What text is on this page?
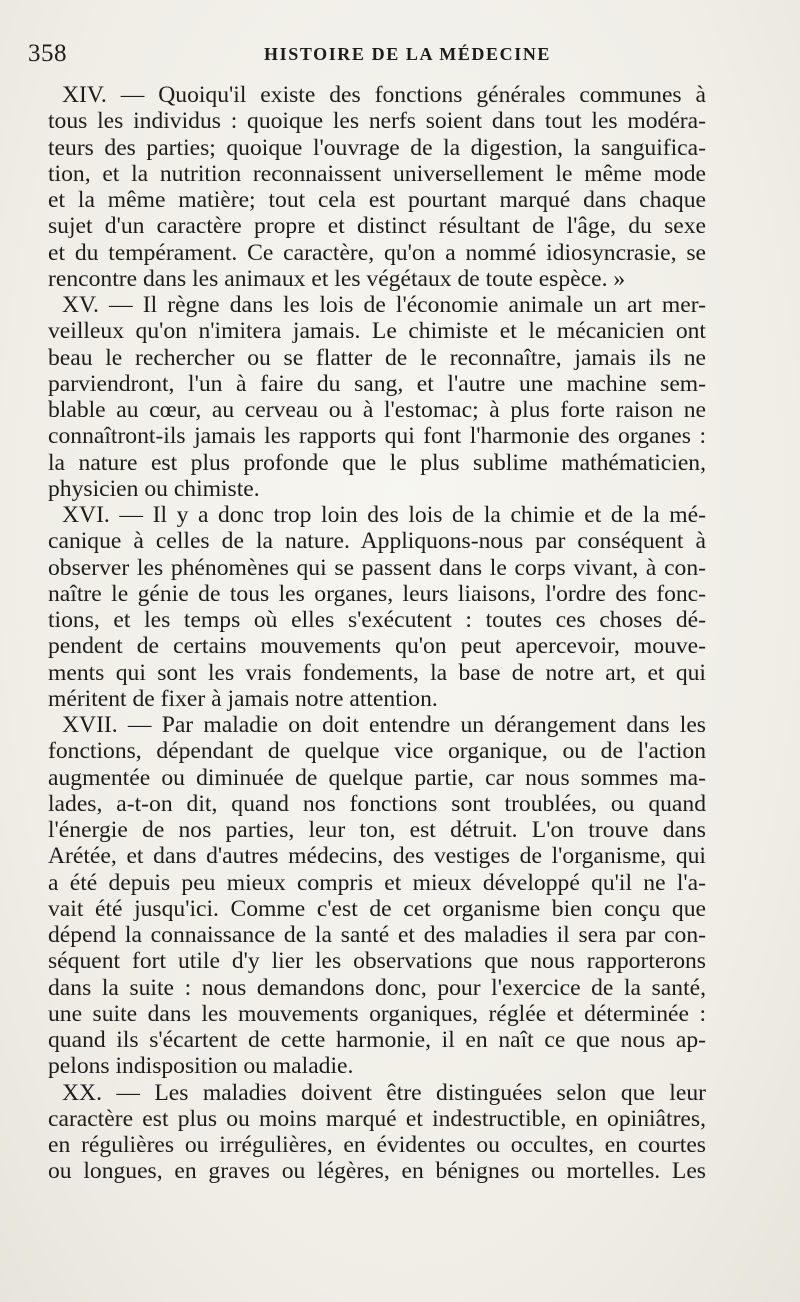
358	HISTOIRE DE LA MÉDECINE
XIV. — Quoiqu'il existe des fonctions générales communes à
tous les individus : quoique les nerfs soient dans tout les modéra-
teurs des parties; quoique l'ouvrage de la digestion, la sanguifica-
tion, et la nutrition reconnaissent universellement le même mode
et la même matière; tout cela est pourtant marqué dans chaque
sujet d'un caractère propre et distinct résultant de l'âge, du sexe
et du tempérament. Ce caractère, qu'on a nommé idiosyncrasie, se
rencontre dans les animaux et les végétaux de toute espèce. »
XV. — Il règne dans les lois de l'économie animale un art mer-
veilleux qu'on n'imitera jamais. Le chimiste et le mécanicien ont
beau le rechercher ou se flatter de le reconnaître, jamais ils ne
parviendront, l'un à faire du sang, et l'autre une machine sem-
blable au cœur, au cerveau ou à l'estomac; à plus forte raison ne
connaîtront-ils jamais les rapports qui font l'harmonie des organes :
la nature est plus profonde que le plus sublime mathématicien,
physicien ou chimiste.
XVI. — Il y a donc trop loin des lois de la chimie et de la mé-
canique à celles de la nature. Appliquons-nous par conséquent à
observer les phénomènes qui se passent dans le corps vivant, à con-
naître le génie de tous les organes, leurs liaisons, l'ordre des fonc-
tions, et les temps où elles s'exécutent : toutes ces choses dé-
pendent de certains mouvements qu'on peut apercevoir, mouve-
ments qui sont les vrais fondements, la base de notre art, et qui
méritent de fixer à jamais notre attention.
XVII. — Par maladie on doit entendre un dérangement dans les
fonctions, dépendant de quelque vice organique, ou de l'action
augmentée ou diminuée de quelque partie, car nous sommes ma-
lades, a-t-on dit, quand nos fonctions sont troublées, ou quand
l'énergie de nos parties, leur ton, est détruit. L'on trouve dans
Arétée, et dans d'autres médecins, des vestiges de l'organisme, qui
a été depuis peu mieux compris et mieux développé qu'il ne l'a-
vait été jusqu'ici. Comme c'est de cet organisme bien conçu que
dépend la connaissance de la santé et des maladies il sera par con-
séquent fort utile d'y lier les observations que nous rapporterons
dans la suite : nous demandons donc, pour l'exercice de la santé,
une suite dans les mouvements organiques, réglée et déterminée :
quand ils s'écartent de cette harmonie, il en naît ce que nous ap-
pelons indisposition ou maladie.
XX. — Les maladies doivent être distinguées selon que leur
caractère est plus ou moins marqué et indestructible, en opiniâtres,
en régulières ou irrégulières, en évidentes ou occultes, en courtes
ou longues, en graves ou légères, en bénignes ou mortelles. Les
